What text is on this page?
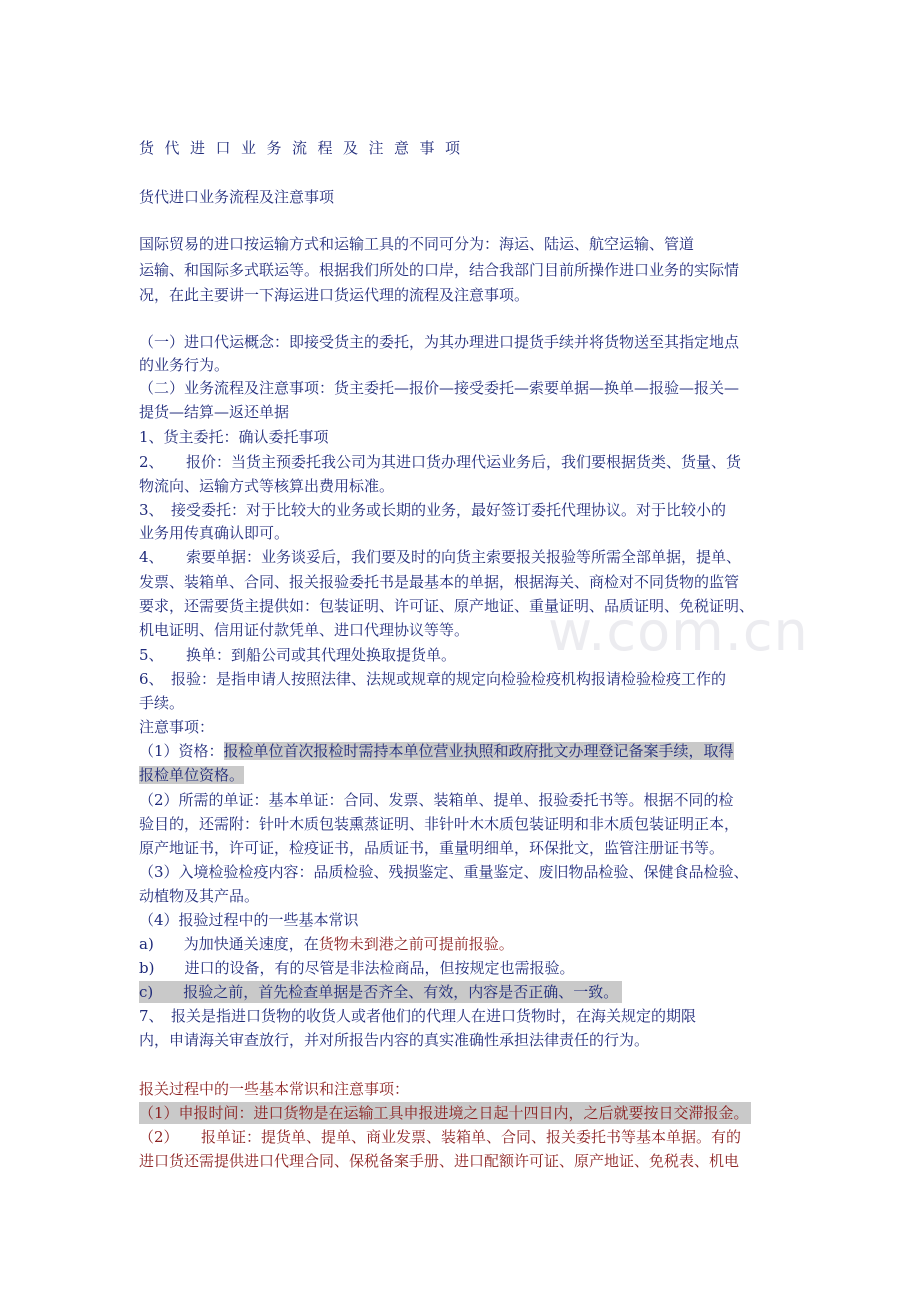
w.com.cn
货代进口业务流程及注意事项
货代进口业务流程及注意事项
国际贸易的进口按运输方式和运输工具的不同可分为：海运、陆运、航空运输、管道
运输、和国际多式联运等。根据我们所处的口岸，结合我部门目前所操作进口业务的实际情
况，在此主要讲一下海运进口货运代理的流程及注意事项。
（一）进口代运概念：即接受货主的委托，为其办理进口提货手续并将货物送至其指定地点
的业务行为。
（二）业务流程及注意事项：货主委托—报价—接受委托—索要单据—换单—报验—报关—
提货—结算—返还单据
1、货主委托：确认委托事项
2、　　报价：当货主预委托我公司为其进口货办理代运业务后，我们要根据货类、货量、货
物流向、运输方式等核算出费用标准。
3、　接受委托：对于比较大的业务或长期的业务，最好签订委托代理协议。对于比较小的
业务用传真确认即可。
4、　　索要单据：业务谈妥后，我们要及时的向货主索要报关报验等所需全部单据，提单、
发票、装箱单、合同、报关报验委托书是最基本的单据，根据海关、商检对不同货物的监管
要求，还需要货主提供如：包装证明、许可证、原产地证、重量证明、品质证明、免税证明、
机电证明、信用证付款凭单、进口代理协议等等。
5、　　换单：到船公司或其代理处换取提货单。
6、　报验：是指申请人按照法律、法规或规章的规定向检验检疫机构报请检验检疫工作的
手续。
注意事项：
（1）资格：报检单位首次报检时需持本单位营业执照和政府批文办理登记备案手续，取得
报检单位资格。
（2）所需的单证：基本单证：合同、发票、装箱单、提单、报验委托书等。根据不同的检
验目的，还需附：针叶木质包装熏蒸证明、非针叶木木质包装证明和非木质包装证明正本，
原产地证书，许可证，检疫证书，品质证书，重量明细单，环保批文，监管注册证书等。
（3）入境检验检疫内容：品质检验、残损鉴定、重量鉴定、废旧物品检验、保健食品检验、
动植物及其产品。
（4）报验过程中的一些基本常识
a)　　为加快通关速度，在货物未到港之前可提前报验。
b)　　进口的设备，有的尽管是非法检商品，但按规定也需报验。
c)　　报验之前，首先检查单据是否齐全、有效，内容是否正确、一致。
7、　报关是指进口货物的收货人或者他们的代理人在进口货物时，在海关规定的期限
内，申请海关审查放行，并对所报告内容的真实准确性承担法律责任的行为。
报关过程中的一些基本常识和注意事项：
（1）申报时间：进口货物是在运输工具申报进境之日起十四日内，之后就要按日交滞报金。
（2）　　报单证：提货单、提单、商业发票、装箱单、合同、报关委托书等基本单据。有的
进口货还需提供进口代理合同、保税备案手册、进口配额许可证、原产地证、免税表、机电
